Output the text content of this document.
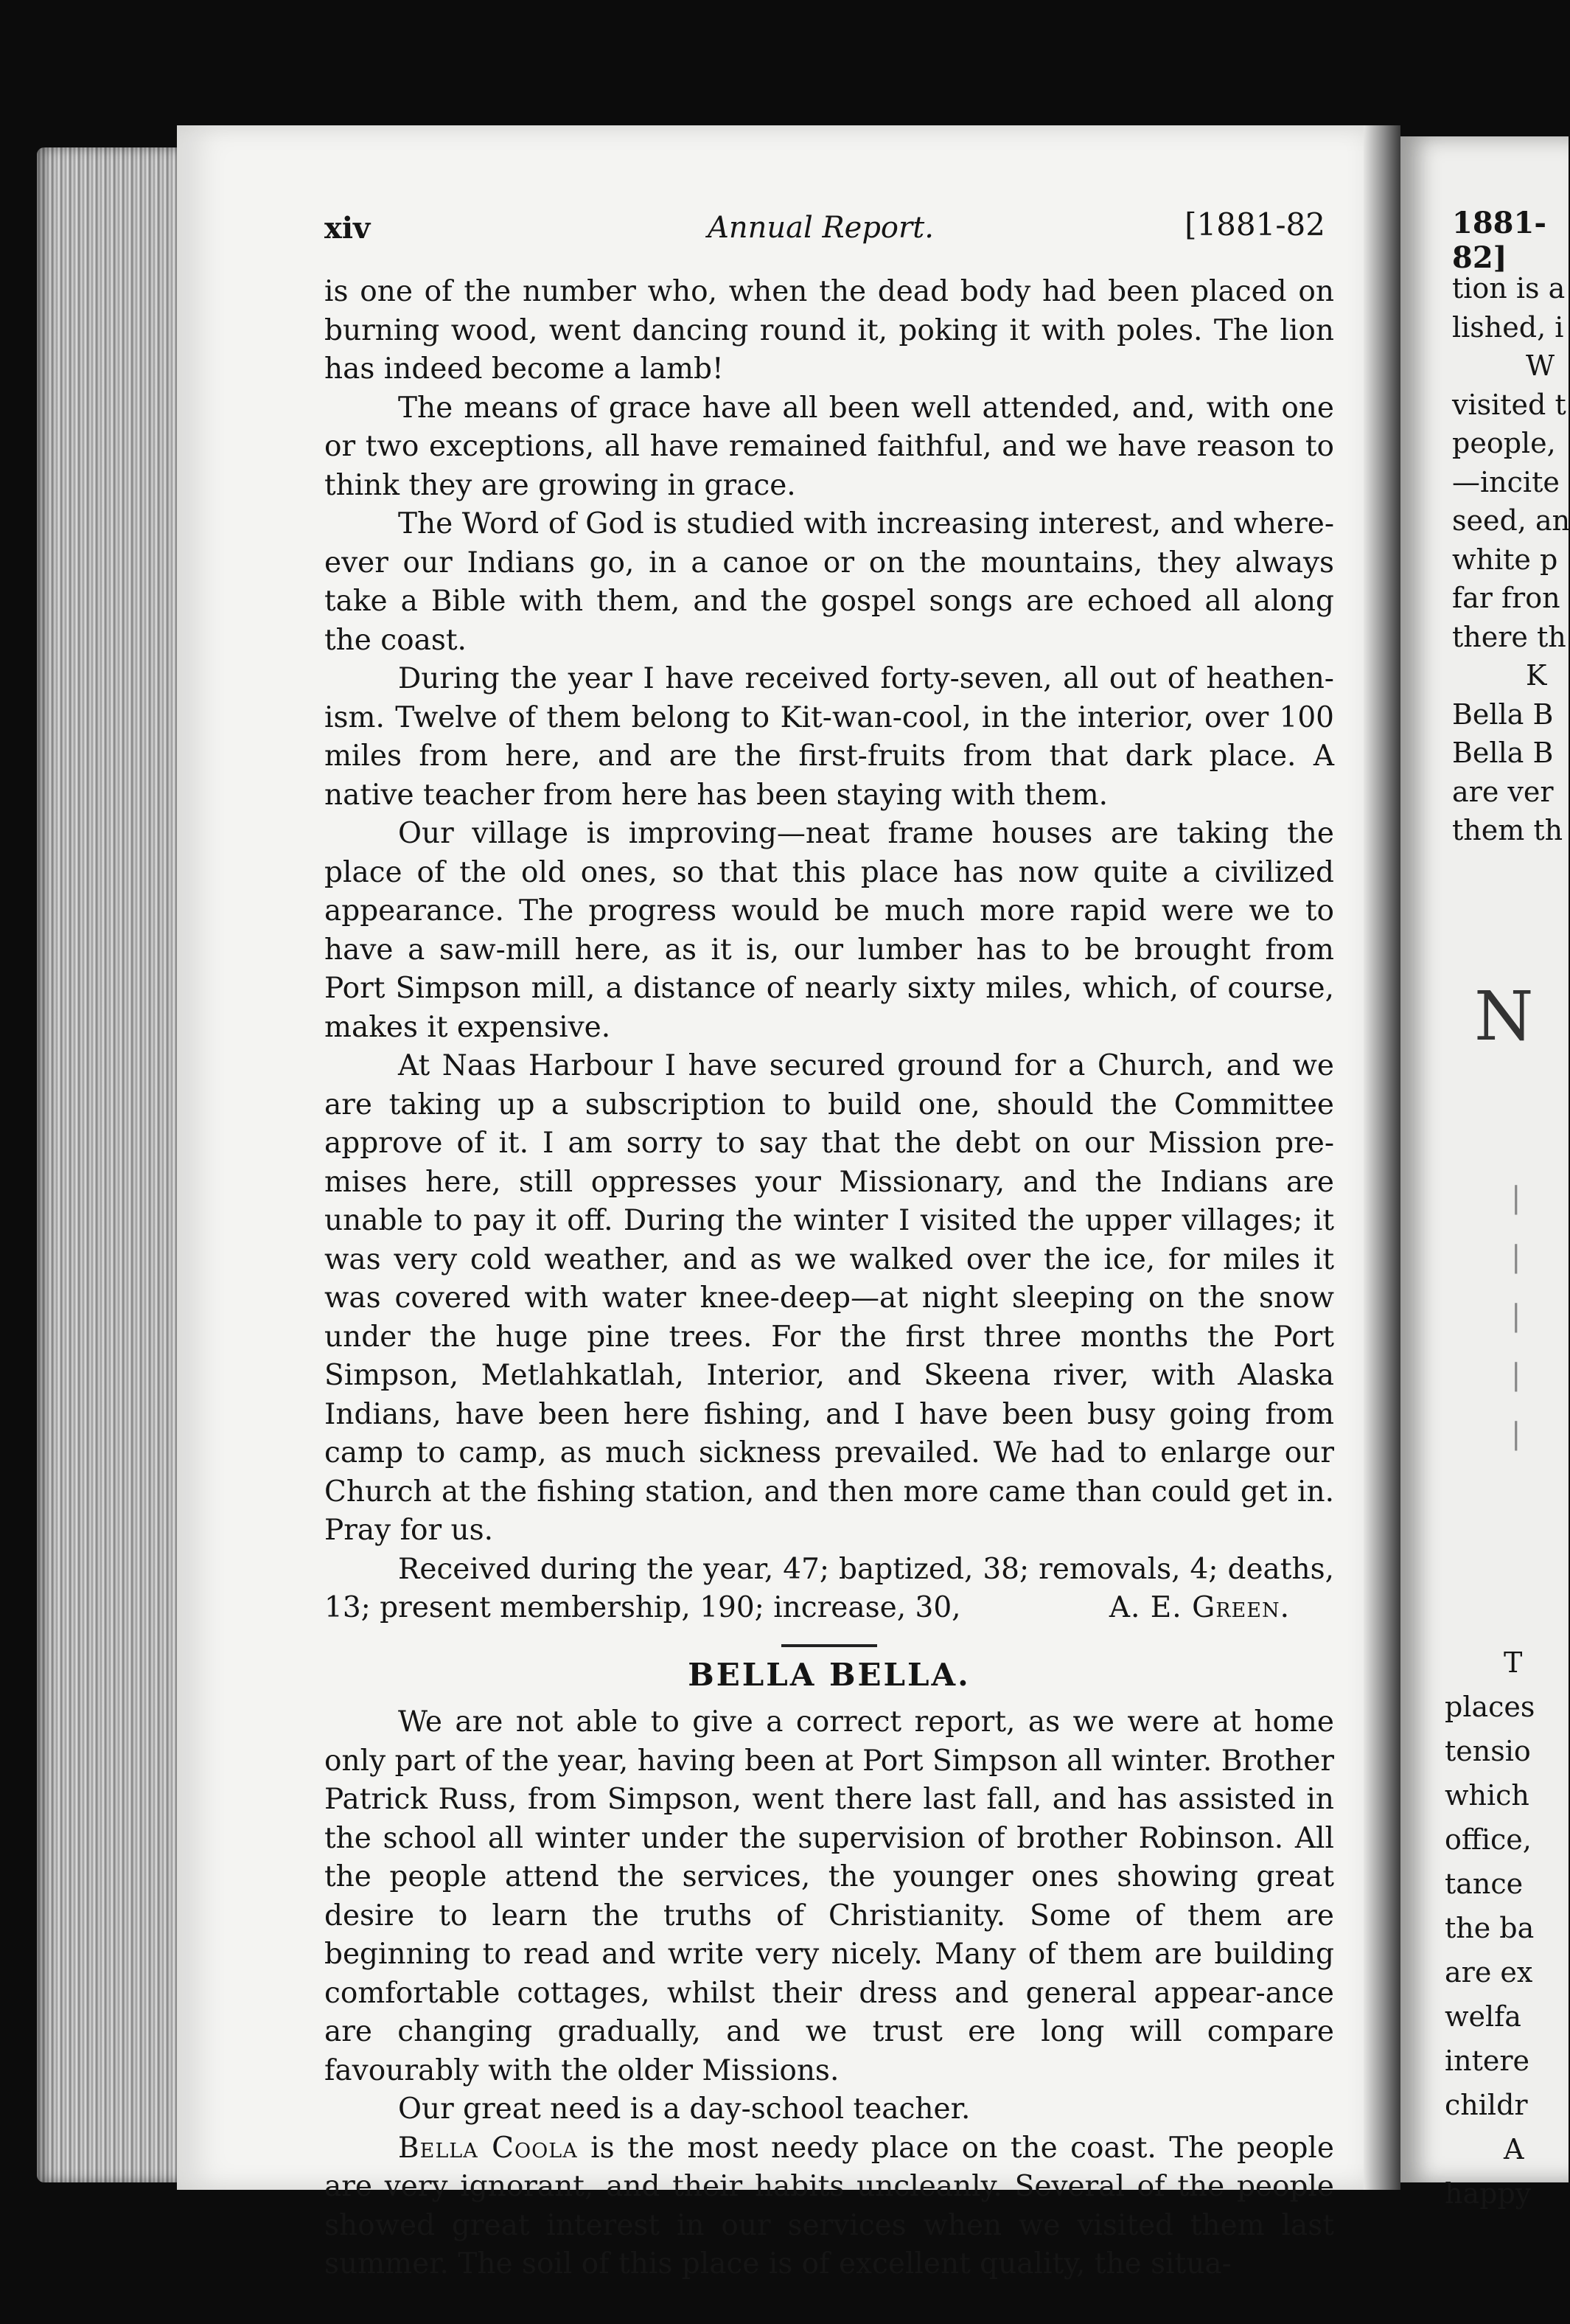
xiv	Annual Report.	[1881-82

is one of the number who, when the dead body had been placed on burning wood, went dancing round it, poking it with poles. The lion has indeed become a lamb!

The means of grace have all been well attended, and, with one or two exceptions, all have remained faithful, and we have reason to think they are growing in grace.

The Word of God is studied with increasing interest, and where-ever our Indians go, in a canoe or on the mountains, they always take a Bible with them, and the gospel songs are echoed all along the coast.

During the year I have received forty-seven, all out of heathen-ism. Twelve of them belong to Kit-wan-cool, in the interior, over 100 miles from here, and are the first-fruits from that dark place. A native teacher from here has been staying with them.

Our village is improving—neat frame houses are taking the place of the old ones, so that this place has now quite a civilized appearance. The progress would be much more rapid were we to have a saw-mill here, as it is, our lumber has to be brought from Port Simpson mill, a distance of nearly sixty miles, which, of course, makes it expensive.

At Naas Harbour I have secured ground for a Church, and we are taking up a subscription to build one, should the Committee approve of it. I am sorry to say that the debt on our Mission pre-mises here, still oppresses your Missionary, and the Indians are unable to pay it off. During the winter I visited the upper villages; it was very cold weather, and as we walked over the ice, for miles it was covered with water knee-deep—at night sleeping on the snow under the huge pine trees. For the first three months the Port Simpson, Metlahkatlah, Interior, and Skeena river, with Alaska Indians, have been here fishing, and I have been busy going from camp to camp, as much sickness prevailed. We had to enlarge our Church at the fishing station, and then more came than could get in. Pray for us.

Received during the year, 47; baptized, 38; removals, 4; deaths, 13; present membership, 190; increase, 30,	A. E. Green.

BELLA BELLA.

We are not able to give a correct report, as we were at home only part of the year, having been at Port Simpson all winter. Brother Patrick Russ, from Simpson, went there last fall, and has assisted in the school all winter under the supervision of brother Robinson. All the people attend the services, the younger ones showing great desire to learn the truths of Christianity. Some of them are beginning to read and write very nicely. Many of them are building comfortable cottages, whilst their dress and general appear-ance are changing gradually, and we trust ere long will compare favourably with the older Missions.

Our great need is a day-school teacher.

Bella Coola is the most needy place on the coast. The people are very ignorant, and their habits uncleanly. Several of the people showed great interest in our services when we visited them last summer. The soil of this place is of excellent quality, the situa-

1881-82]
tion is a
lished, i
W
visited t
people,
—incite
seed, an
white p
far fron
there th
K
Bella B
Bella B
are ver
them th
N
|
|
|
|
|
T
places
tensio
which
office,
tance
the ba
are ex
welfa
intere
childr
A
happy
